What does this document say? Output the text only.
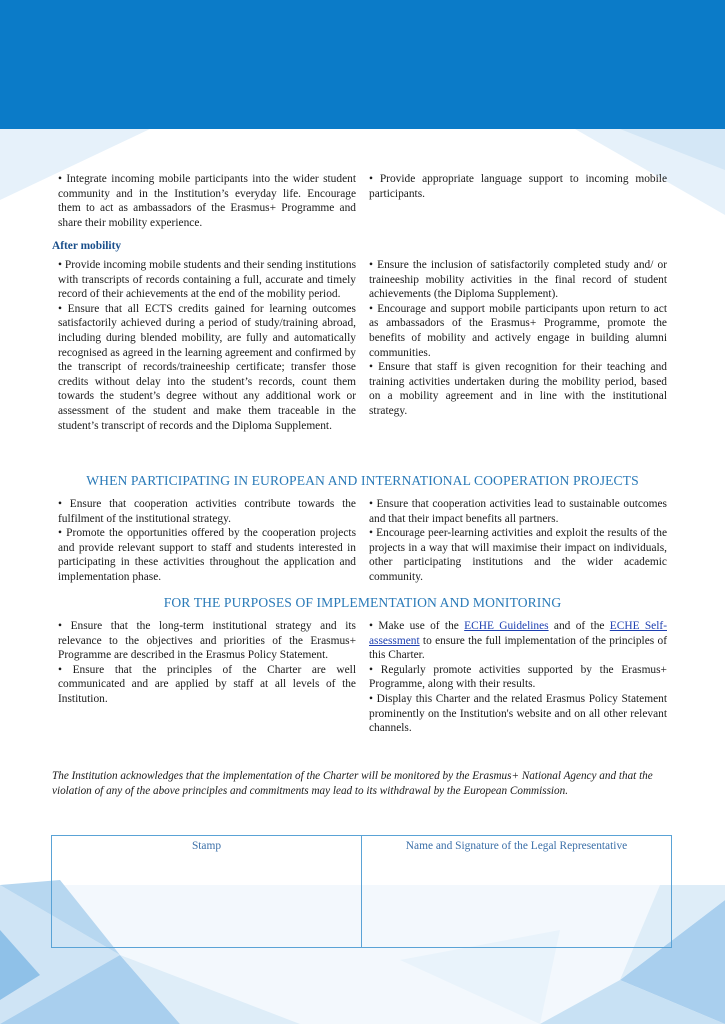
• Integrate incoming mobile participants into the wider student community and in the Institution’s everyday life. Encourage them to act as ambassadors of the Erasmus+ Programme and share their mobility experience.

• Provide appropriate language support to incoming mobile participants.

After mobility

• Provide incoming mobile students and their sending institutions with transcripts of records containing a full, accurate and timely record of their achievements at the end of the mobility period.

• Ensure that all ECTS credits gained for learning outcomes satisfactorily achieved during a period of study/training abroad, including during blended mobility, are fully and automatically recognised as agreed in the learning agreement and confirmed by the transcript of records/traineeship certificate; transfer those credits without delay into the student’s records, count them towards the student’s degree without any additional work or assessment of the student and make them traceable in the student’s transcript of records and the Diploma Supplement.

• Ensure the inclusion of satisfactorily completed study and/ or traineeship mobility activities in the final record of student achievements (the Diploma Supplement).

• Encourage and support mobile participants upon return to act as ambassadors of the Erasmus+ Programme, promote the benefits of mobility and actively engage in building alumni communities.

• Ensure that staff is given recognition for their teaching and training activities undertaken during the mobility period, based on a mobility agreement and in line with the institutional strategy.

WHEN PARTICIPATING IN EUROPEAN AND INTERNATIONAL COOPERATION PROJECTS

• Ensure that cooperation activities contribute towards the fulfilment of the institutional strategy.

• Promote the opportunities offered by the cooperation projects and provide relevant support to staff and students interested in participating in these activities throughout the application and implementation phase.

• Ensure that cooperation activities lead to sustainable outcomes and that their impact benefits all partners.

• Encourage peer-learning activities and exploit the results of the projects in a way that will maximise their impact on individuals, other participating institutions and the wider academic community.

FOR THE PURPOSES OF IMPLEMENTATION AND MONITORING

• Ensure that the long-term institutional strategy and its relevance to the objectives and priorities of the Erasmus+ Programme are described in the Erasmus Policy Statement.

• Ensure that the principles of the Charter are well communicated and are applied by staff at all levels of the Institution.

• Make use of the ECHE Guidelines and of the ECHE Self-assessment to ensure the full implementation of the principles of this Charter.

• Regularly promote activities supported by the Erasmus+ Programme, along with their results.

• Display this Charter and the related Erasmus Policy Statement prominently on the Institution's website and on all other relevant channels.

The Institution acknowledges that the implementation of the Charter will be monitored by the Erasmus+ National Agency and that the violation of any of the above principles and commitments may lead to its withdrawal by the European Commission.
Stamp	Name and Signature of the Legal Representative
